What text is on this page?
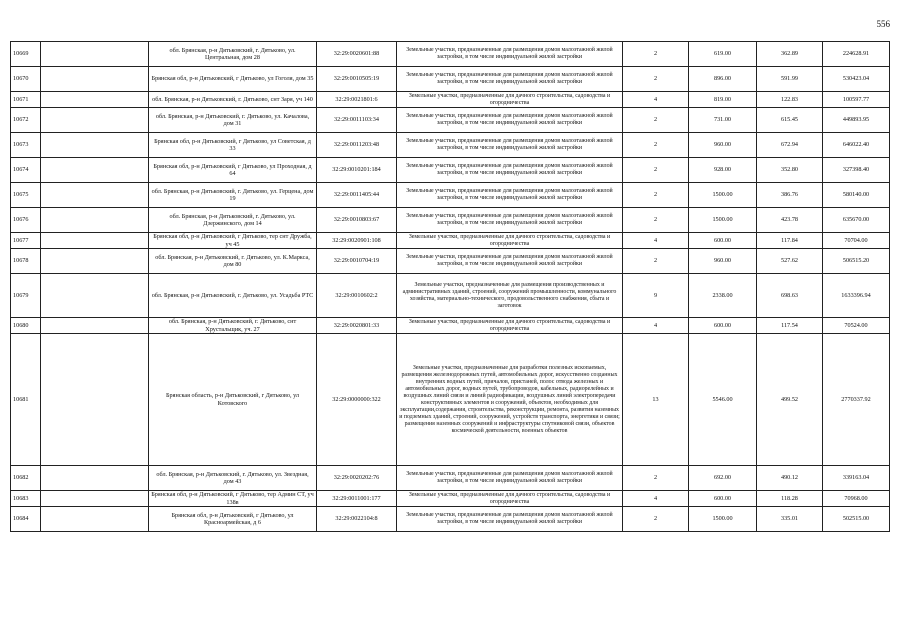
556
10669		обл. Брянская, р-н Дятьковский, г. Дятьково, ул. Центральная, дом 28	32:29:0020601:88	Земельные участки, предназначенные для размещения домов малоэтажной жилой застройки, в том числе индивидуальной жилой застройки	2	619.00	362.89	224628.91
10670		Брянская обл, р-н Дятьковский, г Дятьково, ул Гоголя, дом 35	32:29:0010505:19	Земельные участки, предназначенные для размещения домов малоэтажной жилой застройки, в том числе индивидуальной жилой застройки	2	896.00	591.99	530423.04
10671		обл. Брянская, р-н Дятьковский, г. Дятьково, снт Заря, уч 140	32:29:0021801:6	Земельные участки, предназначенные для дачного строительства, садоводства и огородничества	4	819.00	122.83	100597.77
10672		обл. Брянская, р-н Дятьковский, г. Дятьково, ул. Качалова, дом 31	32:29:0011103:34	Земельные участки, предназначенные для размещения домов малоэтажной жилой застройки, в том числе индивидуальной жилой застройки	2	731.00	615.45	449893.95
10673		Брянская обл, р-н Дятьковский, г Дятьково, ул Советская, д 33	32:29:0011203:48	Земельные участки, предназначенные для размещения домов малоэтажной жилой застройки, в том числе индивидуальной жилой застройки	2	960.00	672.94	646022.40
10674		Брянская обл, р-н Дятьковский, г Дятьково, ул Проходная, д 64	32:29:0010201:184	Земельные участки, предназначенные для размещения домов малоэтажной жилой застройки, в том числе индивидуальной жилой застройки	2	928.00	352.80	327398.40
10675		обл. Брянская, р-н Дятьковский, г. Дятьково, ул. Герцена, дом 19	32:29:0011405:44	Земельные участки, предназначенные для размещения домов малоэтажной жилой застройки, в том числе индивидуальной жилой застройки	2	1500.00	386.76	580140.00
10676		обл. Брянская, р-н Дятьковский, г. Дятьково, ул. Дзержинского, дом 14	32:29:0010803:67	Земельные участки, предназначенные для размещения домов малоэтажной жилой застройки, в том числе индивидуальной жилой застройки	2	1500.00	423.78	635670.00
10677		Брянская обл, р-н Дятьковский, г Дятьково, тер снт Дружба, уч 45	32:29:0020901:108	Земельные участки, предназначенные для дачного строительства, садоводства и огородничества	4	600.00	117.84	70704.00
10678		обл. Брянская, р-н Дятьковский, г. Дятьково, ул. К.Маркса, дом 80	32:29:0010704:19	Земельные участки, предназначенные для размещения домов малоэтажной жилой застройки, в том числе индивидуальной жилой застройки	2	960.00	527.62	506515.20
10679		обл. Брянская, р-н Дятьковский, г. Дятьково, ул. Усадьба РТС	32:29:0010602:2	Земельные участки, предназначенные для размещения производственных и административных зданий, строений, сооружений промышленности, коммунального хозяйства, материально-технического, продовольственного снабжения, сбыта и заготовок	9	2338.00	698.63	1633396.94
10680		обл. Брянская, р-н Дятьковский, г. Дятьково, снт Хрустальщик, уч. 27	32:29:0020801:33	Земельные участки, предназначенные для дачного строительства, садоводства и огородничества	4	600.00	117.54	70524.00
10681		Брянская область, р-н Дятьковский, г Дятьково, ул Котовского	32:29:0000000:322	Земельные участки, предназначенные для разработки полезных ископаемых, размещения железнодорожных путей, автомобильных дорог, искусственно созданных внутренних водных путей, причалов, пристаней, полос отвода железных и автомобильных дорог, водных путей, трубопроводов, кабельных, радиорелейных и воздушных линий связи и линий радиофикации, воздушных линий электропередачи конструктивных элементов и сооружений, объектов, необходимых для эксплуатации,содержания, строительства, реконструкции, ремонта, развития наземных и подземных зданий, строений, сооружений, устройств транспорта, энергетики и связи; размещения наземных сооружений и инфраструктуры спутниковой связи, объектов космической деятельности, военных объектов	13	5546.00	499.52	2770337.92
10682		обл. Брянская, р-н Дятьковский, г. Дятьково, ул. Звездная, дом 43	32:29:0020202:76	Земельные участки, предназначенные для размещения домов малоэтажной жилой застройки, в том числе индивидуальной жилой застройки	2	692.00	490.12	339163.04
10683		Брянская обл, р-н Дятьковский, г Дятьково, тер Админ СТ, уч 138в	32:29:0011001:177	Земельные участки, предназначенные для дачного строительства, садоводства и огородничества	4	600.00	118.28	70968.00
10684		Брянская обл, р-н Дятьковский, г Дятьково, ул Красноармейская, д 6	32:29:0022104:8	Земельные участки, предназначенные для размещения домов малоэтажной жилой застройки, в том числе индивидуальной жилой застройки	2	1500.00	335.01	502515.00
